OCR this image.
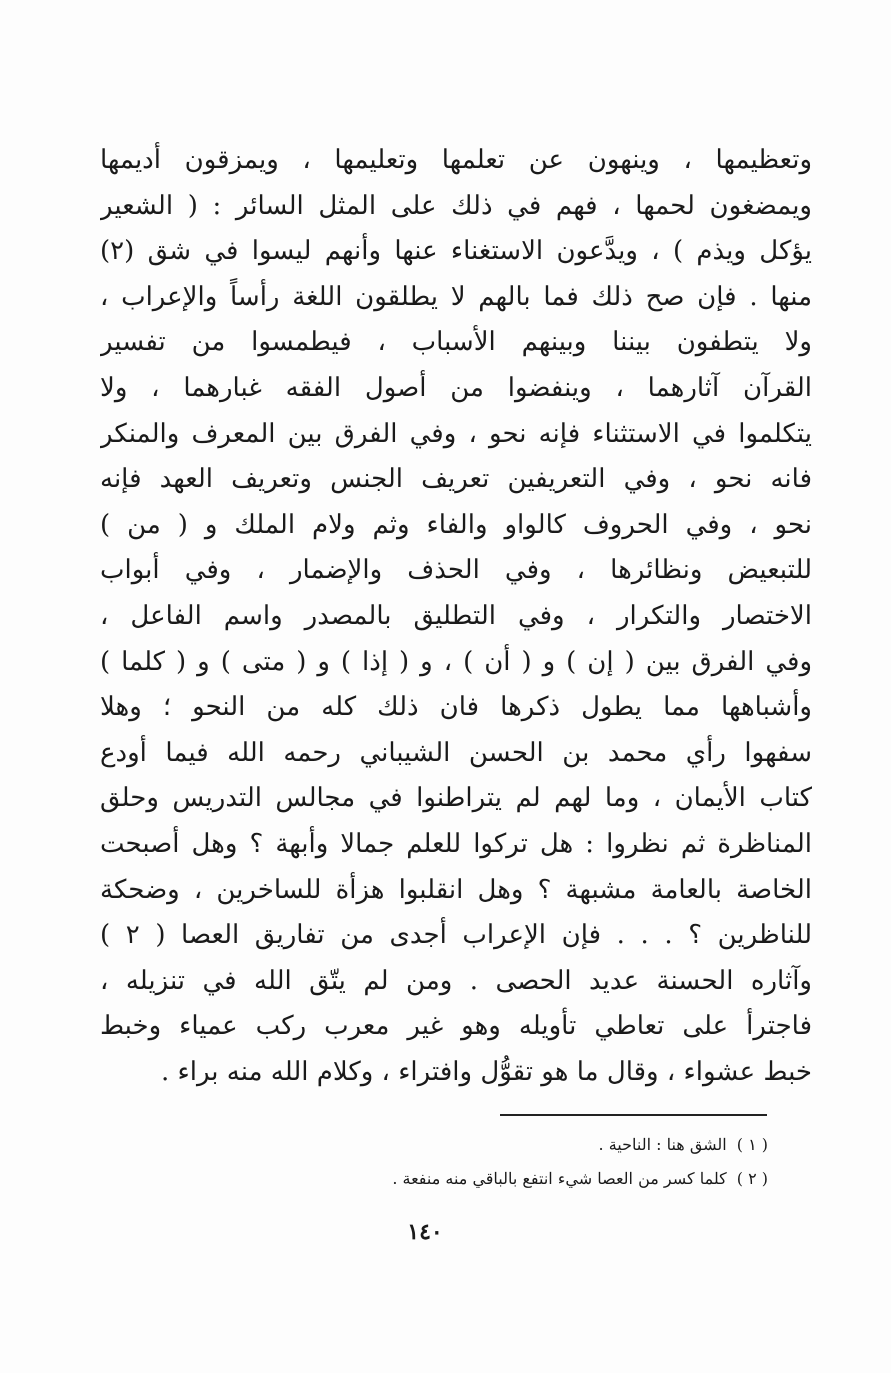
وتعظيمها ، وينهون عن تعلمها وتعليمها ، ويمزقون أديمها
ويمضغون لحمها ، فهم في ذلك على المثل السائر : ( الشعير
يؤكل ويذم ) ، ويدَّعون الاستغناء عنها وأنهم ليسوا في شق (٢)
منها . فإن صح ذلك فما بالهم لا يطلقون اللغة رأساً والإعراب ،
ولا يتطفون بيننا وبينهم الأسباب ، فيطمسوا من تفسير
القرآن آثارهما ، وينفضوا من أصول الفقه غبارهما ، ولا
يتكلموا في الاستثناء فإنه نحو ، وفي الفرق بين المعرف والمنكر
فانه نحو ، وفي التعريفين تعريف الجنس وتعريف العهد فإنه
نحو ، وفي الحروف كالواو والفاء وثم ولام الملك و ( من )
للتبعيض ونظائرها ، وفي الحذف والإضمار ، وفي أبواب
الاختصار والتكرار ، وفي التطليق بالمصدر واسم الفاعل ،
وفي الفرق بين ( إن ) و ( أن ) ، و ( إذا ) و ( متى ) و ( كلما )
وأشباهها مما يطول ذكرها فان ذلك كله من النحو ؛ وهلا
سفهوا رأي محمد بن الحسن الشيباني رحمه الله فيما أودع
كتاب الأيمان ، وما لهم لم يتراطنوا في مجالس التدريس وحلق
المناظرة ثم نظروا : هل تركوا للعلم جمالا وأبهة ؟ وهل أصبحت
الخاصة بالعامة مشبهة ؟ وهل انقلبوا هزأة للساخرين ، وضحكة
للناظرين ؟ . . . فإن الإعراب أجدى من تفاريق العصا ( ٢ )
وآثاره الحسنة عديد الحصى . ومن لم يتّق الله في تنزيله ،
فاجترأ على تعاطي تأويله وهو غير معرب ركب عمياء وخبط
خبط عشواء ، وقال ما هو تقوُّل وافتراء ، وكلام الله منه براء .
( ١ )الشق هنا : الناحية .
( ٢ )كلما كسر من العصا شيء انتفع بالباقي منه منفعة .
١٤٠
